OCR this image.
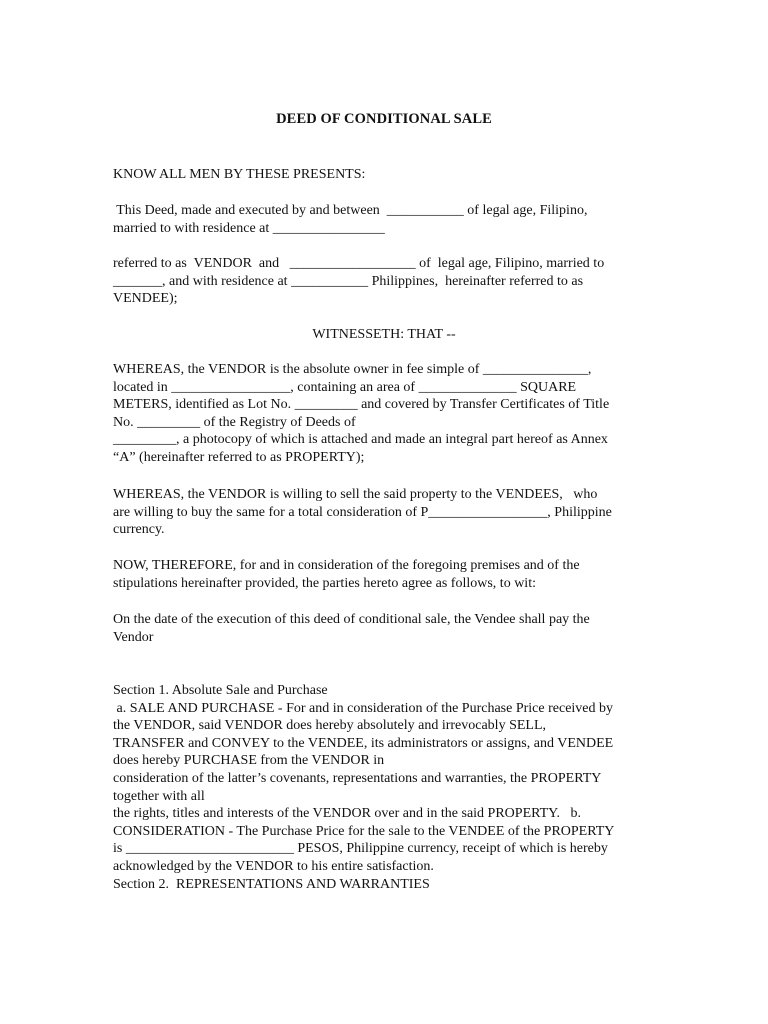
DEED OF CONDITIONAL SALE
KNOW ALL MEN BY THESE PRESENTS:
This Deed, made and executed by and between  ___________ of legal age, Filipino,
married to with residence at ________________
referred to as  VENDOR  and   __________________ of  legal age, Filipino, married to
_______, and with residence at ___________ Philippines,  hereinafter referred to as
VENDEE);
WITNESSETH: THAT --
WHEREAS, the VENDOR is the absolute owner in fee simple of _______________,
located in _________________, containing an area of ______________ SQUARE
METERS, identified as Lot No. _________ and covered by Transfer Certificates of Title
No. _________ of the Registry of Deeds of
_________, a photocopy of which is attached and made an integral part hereof as Annex
“A” (hereinafter referred to as PROPERTY);
WHEREAS, the VENDOR is willing to sell the said property to the VENDEES,   who
are willing to buy the same for a total consideration of P_________________, Philippine
currency.
NOW, THEREFORE, for and in consideration of the foregoing premises and of the
stipulations hereinafter provided, the parties hereto agree as follows, to wit:
On the date of the execution of this deed of conditional sale, the Vendee shall pay the
Vendor
Section 1. Absolute Sale and Purchase
a. SALE AND PURCHASE - For and in consideration of the Purchase Price received by
the VENDOR, said VENDOR does hereby absolutely and irrevocably SELL,
TRANSFER and CONVEY to the VENDEE, its administrators or assigns, and VENDEE
does hereby PURCHASE from the VENDOR in
consideration of the latter’s covenants, representations and warranties, the PROPERTY
together with all
the rights, titles and interests of the VENDOR over and in the said PROPERTY.   b.
CONSIDERATION - The Purchase Price for the sale to the VENDEE of the PROPERTY
is ________________________ PESOS, Philippine currency, receipt of which is hereby
acknowledged by the VENDOR to his entire satisfaction.
Section 2.  REPRESENTATIONS AND WARRANTIES
